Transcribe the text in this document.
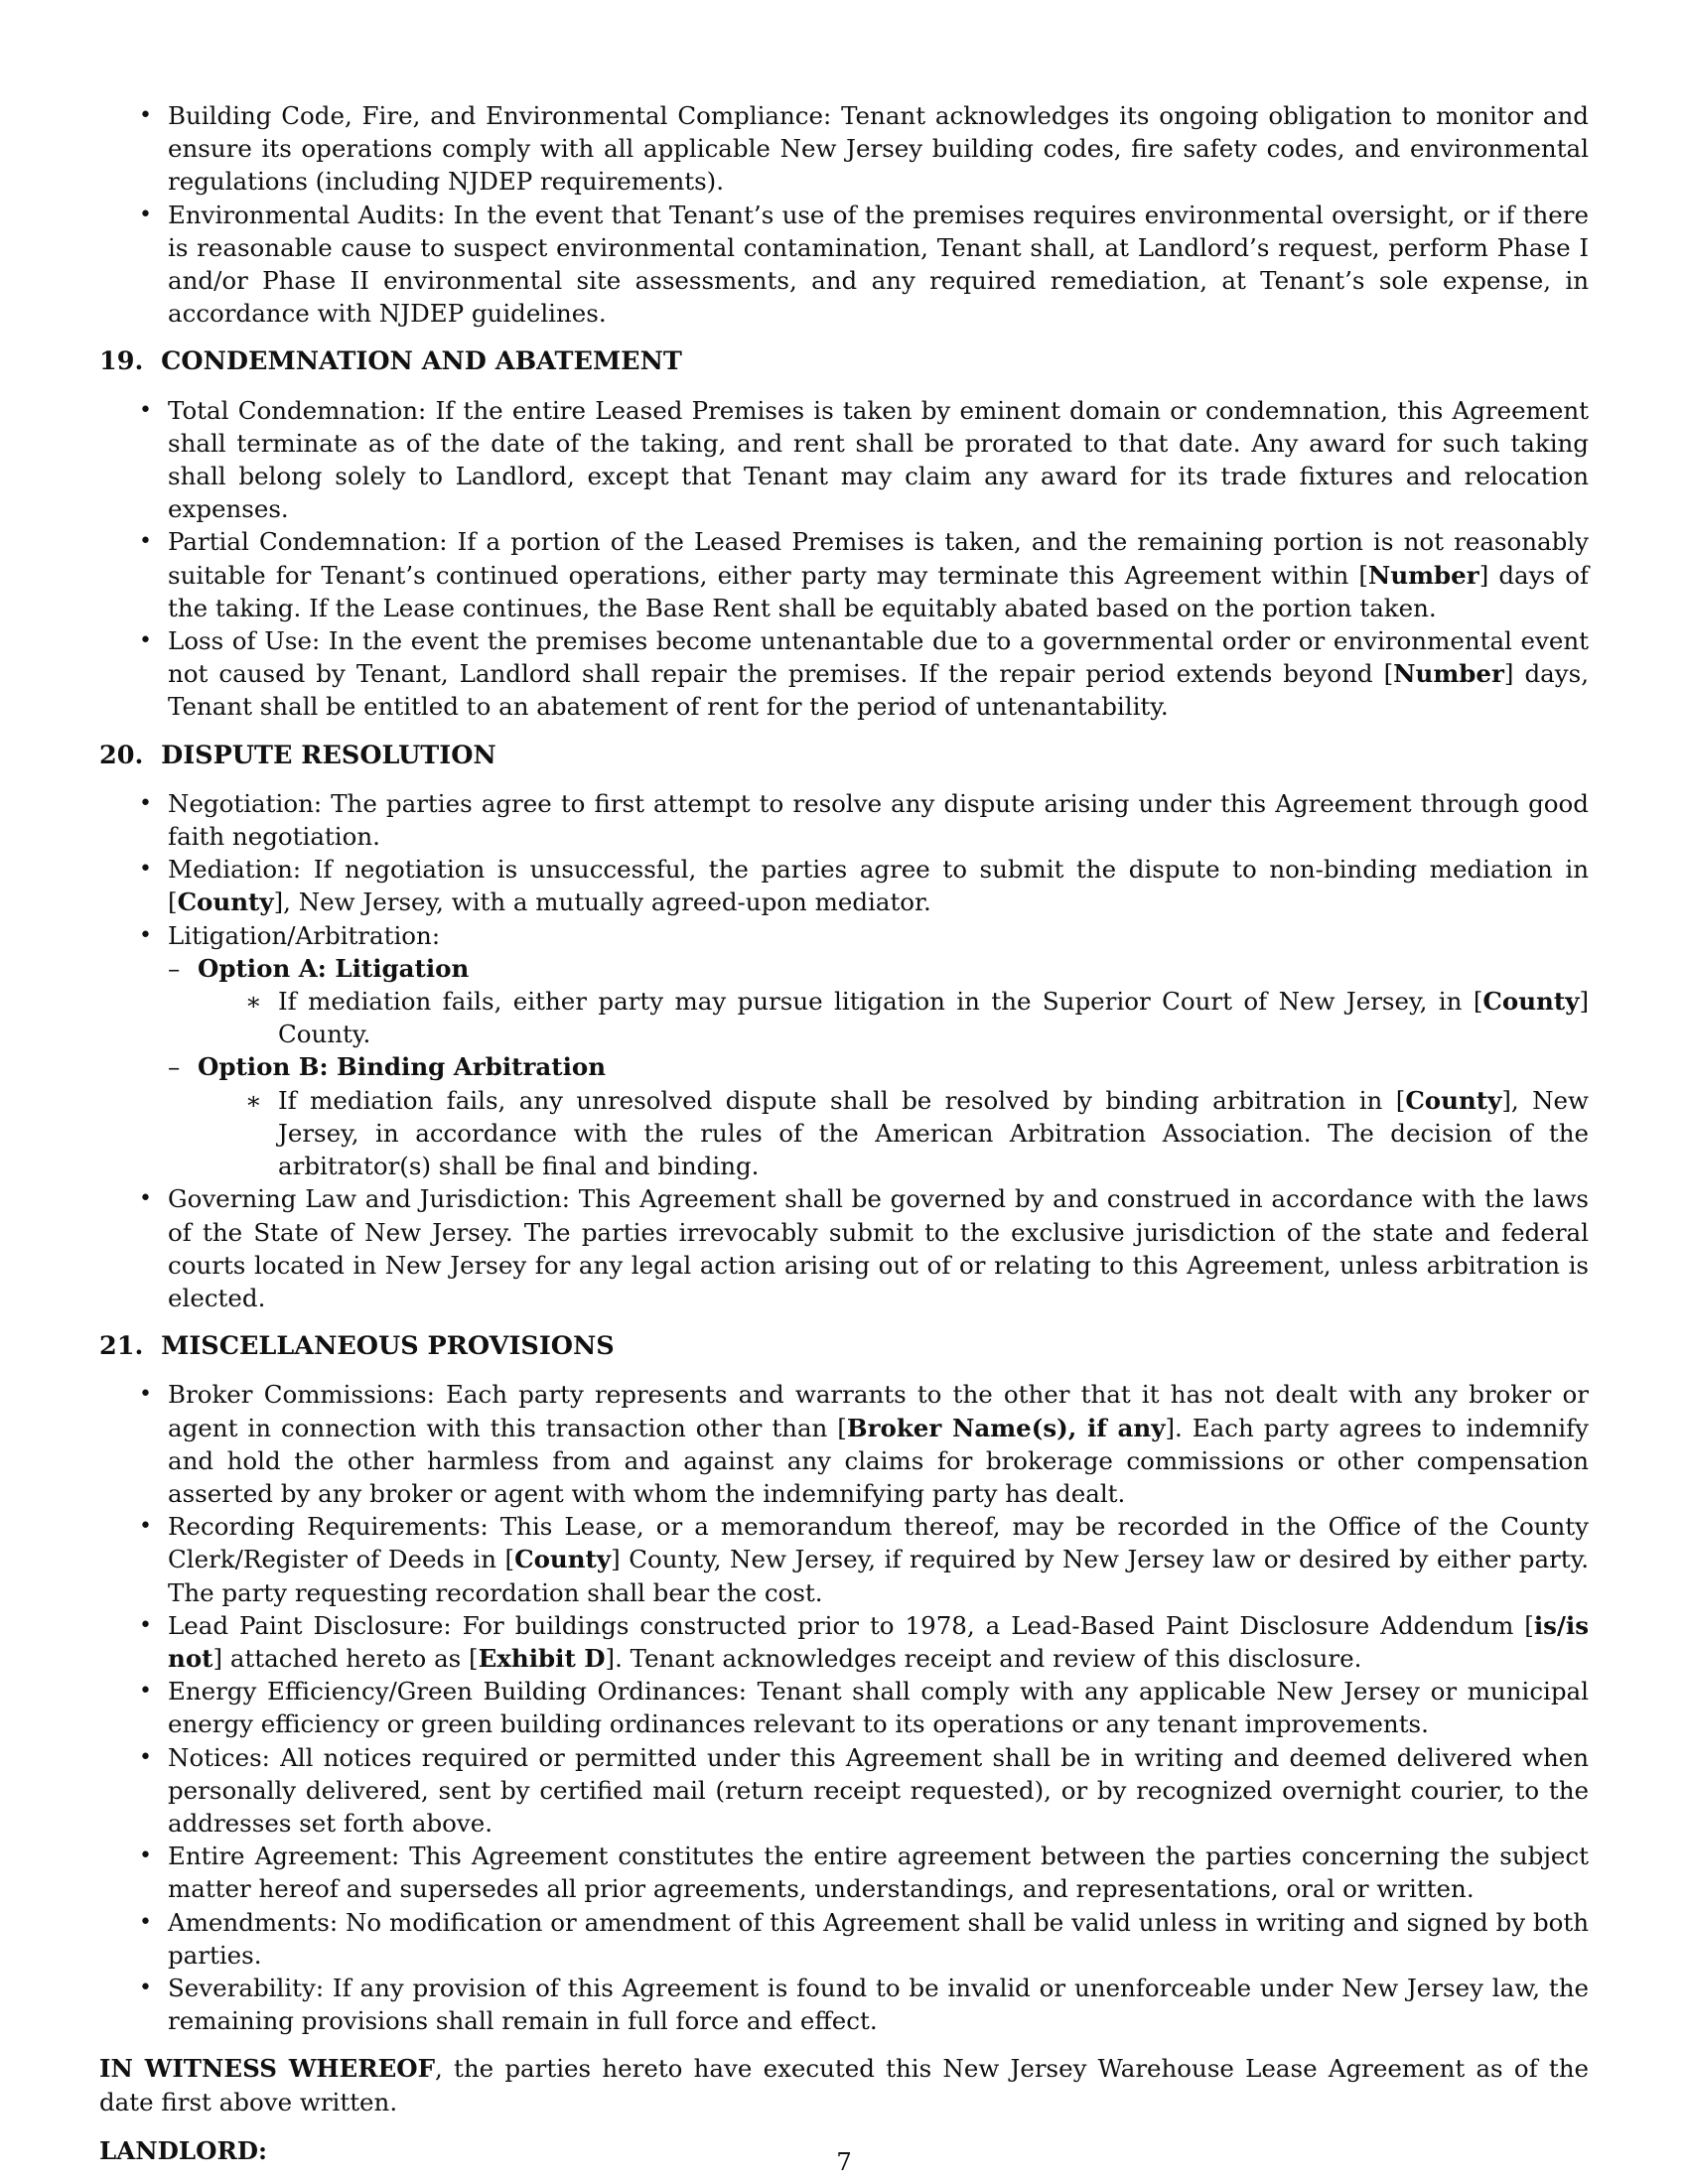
• Building Code, Fire, and Environmental Compliance: Tenant acknowledges its ongoing obligation to monitor and ensure its operations comply with all applicable New Jersey building codes, fire safety codes, and environmental regulations (including NJDEP requirements).
• Environmental Audits: In the event that Tenant’s use of the premises requires environmental oversight, or if there is reasonable cause to suspect environmental contamination, Tenant shall, at Landlord’s request, perform Phase I and/or Phase II environmental site assessments, and any required remediation, at Tenant’s sole expense, in accordance with NJDEP guidelines.
19.  CONDEMNATION AND ABATEMENT
• Total Condemnation: If the entire Leased Premises is taken by eminent domain or condemnation, this Agreement shall terminate as of the date of the taking, and rent shall be prorated to that date. Any award for such taking shall belong solely to Landlord, except that Tenant may claim any award for its trade fixtures and relocation expenses.
• Partial Condemnation: If a portion of the Leased Premises is taken, and the remaining portion is not reasonably suitable for Tenant’s continued operations, either party may terminate this Agreement within [Number] days of the taking. If the Lease continues, the Base Rent shall be equitably abated based on the portion taken.
• Loss of Use: In the event the premises become untenantable due to a governmental order or environmental event not caused by Tenant, Landlord shall repair the premises. If the repair period extends beyond [Number] days, Tenant shall be entitled to an abatement of rent for the period of untenantability.
20.  DISPUTE RESOLUTION
• Negotiation: The parties agree to first attempt to resolve any dispute arising under this Agreement through good faith negotiation.
• Mediation: If negotiation is unsuccessful, the parties agree to submit the dispute to non-binding mediation in [County], New Jersey, with a mutually agreed-upon mediator.
• Litigation/Arbitration:
– Option A: Litigation
∗ If mediation fails, either party may pursue litigation in the Superior Court of New Jersey, in [County] County.
– Option B: Binding Arbitration
∗ If mediation fails, any unresolved dispute shall be resolved by binding arbitration in [County], New Jersey, in accordance with the rules of the American Arbitration Association. The decision of the arbitrator(s) shall be final and binding.
• Governing Law and Jurisdiction: This Agreement shall be governed by and construed in accordance with the laws of the State of New Jersey. The parties irrevocably submit to the exclusive jurisdiction of the state and federal courts located in New Jersey for any legal action arising out of or relating to this Agreement, unless arbitration is elected.
21.  MISCELLANEOUS PROVISIONS
• Broker Commissions: Each party represents and warrants to the other that it has not dealt with any broker or agent in connection with this transaction other than [Broker Name(s), if any]. Each party agrees to indemnify and hold the other harmless from and against any claims for brokerage commissions or other compensation asserted by any broker or agent with whom the indemnifying party has dealt.
• Recording Requirements: This Lease, or a memorandum thereof, may be recorded in the Office of the County Clerk/Register of Deeds in [County] County, New Jersey, if required by New Jersey law or desired by either party. The party requesting recordation shall bear the cost.
• Lead Paint Disclosure: For buildings constructed prior to 1978, a Lead-Based Paint Disclosure Addendum [is/is not] attached hereto as [Exhibit D]. Tenant acknowledges receipt and review of this disclosure.
• Energy Efficiency/Green Building Ordinances: Tenant shall comply with any applicable New Jersey or municipal energy efficiency or green building ordinances relevant to its operations or any tenant improvements.
• Notices: All notices required or permitted under this Agreement shall be in writing and deemed delivered when personally delivered, sent by certified mail (return receipt requested), or by recognized overnight courier, to the addresses set forth above.
• Entire Agreement: This Agreement constitutes the entire agreement between the parties concerning the subject matter hereof and supersedes all prior agreements, understandings, and representations, oral or written.
• Amendments: No modification or amendment of this Agreement shall be valid unless in writing and signed by both parties.
• Severability: If any provision of this Agreement is found to be invalid or unenforceable under New Jersey law, the remaining provisions shall remain in full force and effect.

IN WITNESS WHEREOF, the parties hereto have executed this New Jersey Warehouse Lease Agreement as of the date first above written.

LANDLORD:	7
